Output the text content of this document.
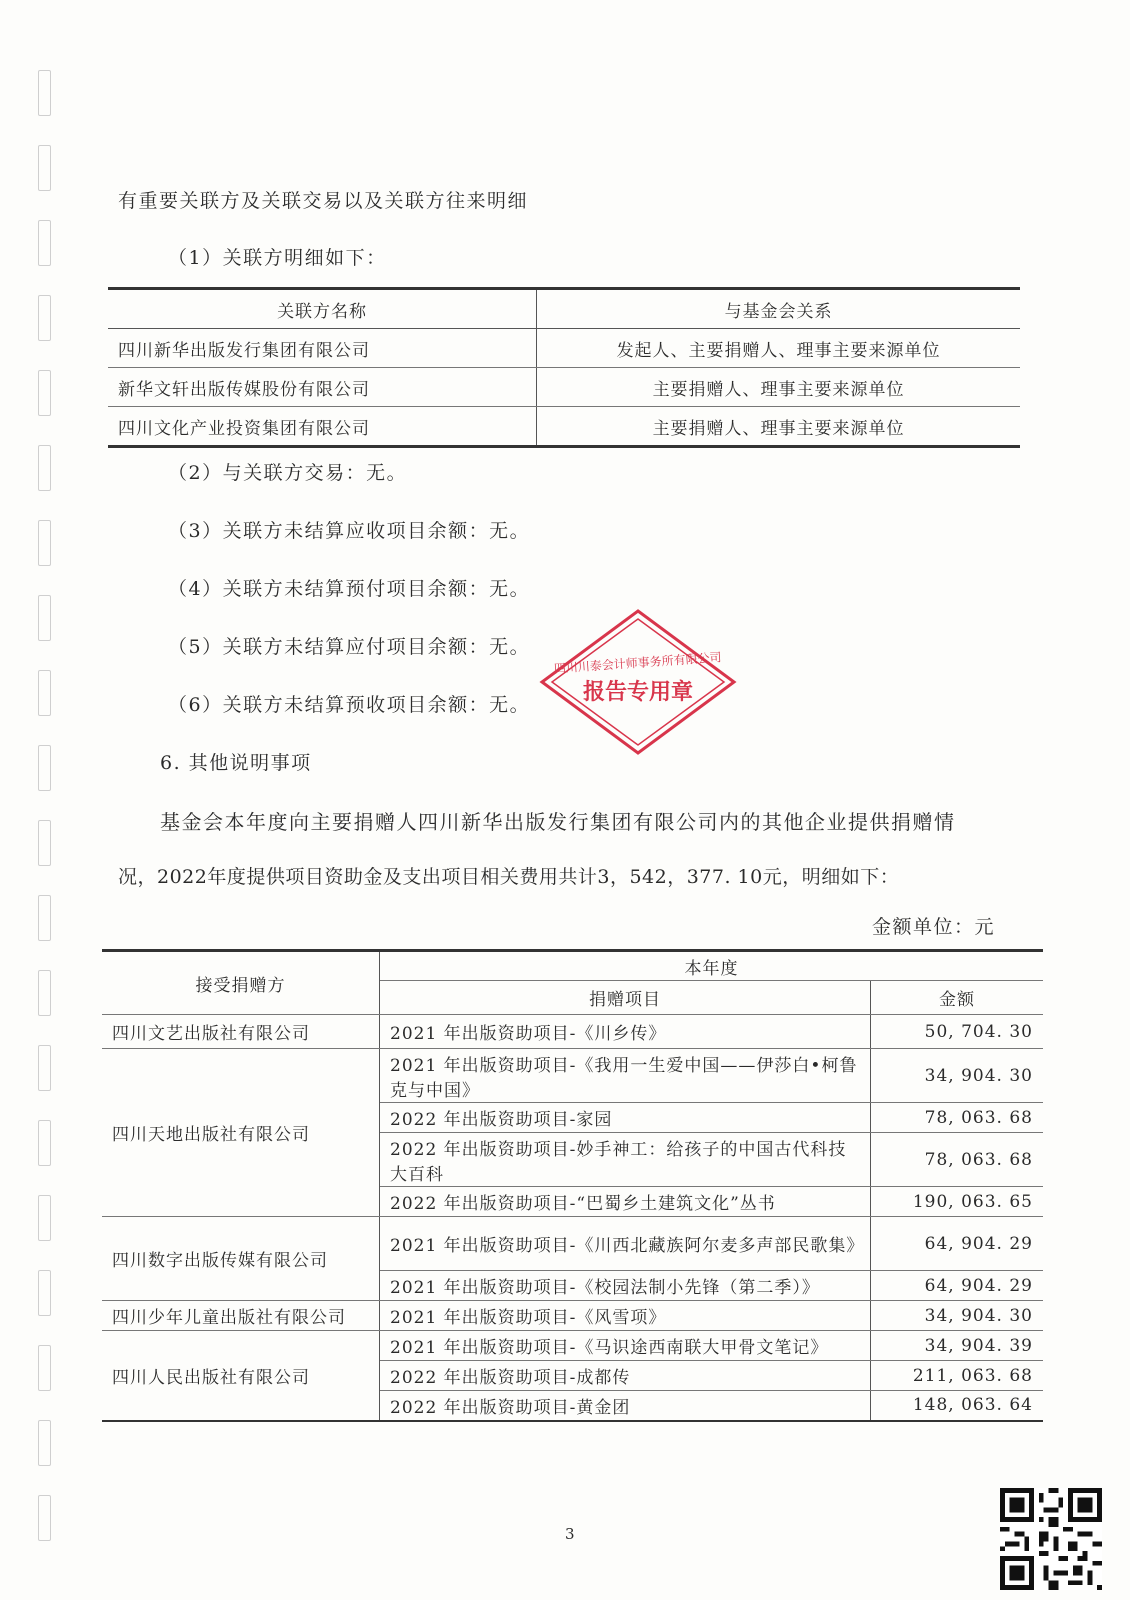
有重要关联方及关联交易以及关联方往来明细
（1）关联方明细如下：
关联方名称	与基金会关系
四川新华出版发行集团有限公司	发起人、主要捐赠人、理事主要来源单位
新华文轩出版传媒股份有限公司	主要捐赠人、理事主要来源单位
四川文化产业投资集团有限公司	主要捐赠人、理事主要来源单位
（2）与关联方交易：无。
（3）关联方未结算应收项目余额：无。
（4）关联方未结算预付项目余额：无。
（5）关联方未结算应付项目余额：无。
（6）关联方未结算预收项目余额：无。
四川川泰会计师事务所有限公司
报告专用章
6. 其他说明事项
基金会本年度向主要捐赠人四川新华出版发行集团有限公司内的其他企业提供捐赠情
况，2022年度提供项目资助金及支出项目相关费用共计3，542，377. 10元，明细如下：
金额单位：元
接受捐赠方	本年度	
	捐赠项目	金额
四川文艺出版社有限公司	2021 年出版资助项目-《川乡传》	50, 704. 30
四川天地出版社有限公司	2021 年出版资助项目-《我用一生爱中国——伊莎白•柯鲁克与中国》	34, 904. 30
	2022 年出版资助项目-家园	78, 063. 68
	2022 年出版资助项目-妙手神工：给孩子的中国古代科技大百科	78, 063. 68
	2022 年出版资助项目-“巴蜀乡土建筑文化”丛书	190, 063. 65
四川数字出版传媒有限公司	2021 年出版资助项目-《川西北藏族阿尔麦多声部民歌集》	64, 904. 29
	2021 年出版资助项目-《校园法制小先锋（第二季）》	64, 904. 29
四川少年儿童出版社有限公司	2021 年出版资助项目-《风雪项》	34, 904. 30
四川人民出版社有限公司	2021 年出版资助项目-《马识途西南联大甲骨文笔记》	34, 904. 39
	2022 年出版资助项目-成都传	211, 063. 68
	2022 年出版资助项目-黄金团	148, 063. 64
3
